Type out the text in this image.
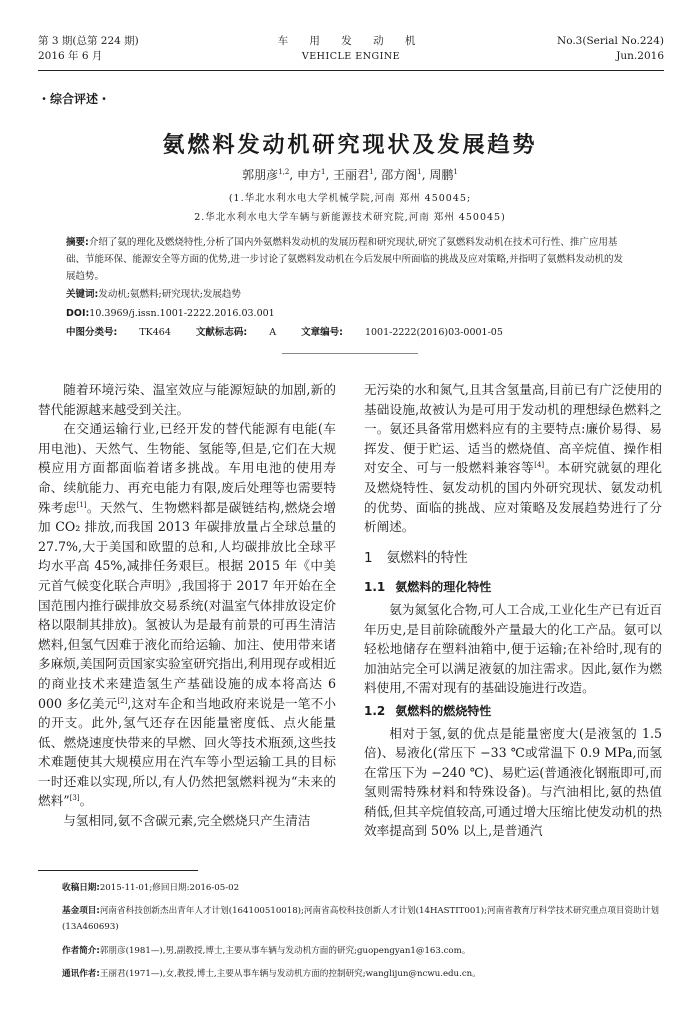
第 3 期(总第 224 期)
2016 年 6 月
车 用 发 动 机
VEHICLE ENGINE
No.3(Serial No.224)
Jun.2016
・综合评述・
氨燃料发动机研究现状及发展趋势
郭朋彦$^{1,2}$, 申方$^1$, 王丽君$^1$, 邵方阁$^1$, 周鹏$^1$
(1.华北水利水电大学机械学院,河南 郑州 450045;
2.华北水利水电大学车辆与新能源技术研究院,河南 郑州 450045)
摘要:介绍了氨的理化及燃烧特性,分析了国内外氨燃料发动机的发展历程和研究现状,研究了氨燃料发动机在技术可行性、推广应用基础、节能环保、能源安全等方面的优势,进一步讨论了氨燃料发动机在今后发展中所面临的挑战及应对策略,并指明了氨燃料发动机的发展趋势。
关键词:发动机;氨燃料;研究现状;发展趋势
DOI:10.3969/j.issn.1001-2222.2016.03.001
中图分类号: TK464	文献标志码: A	文章编号: 1001-2222(2016)03-0001-05

随着环境污染、温室效应与能源短缺的加剧,新的替代能源越来越受到关注。

在交通运输行业,已经开发的替代能源有电能(车用电池)、天然气、生物能、氢能等,但是,它们在大规模应用方面都面临着诸多挑战。车用电池的使用寿命、续航能力、再充电能力有限,废后处理等也需要特殊考虑[1]。天然气、生物燃料都是碳链结构,燃烧会增加 CO₂ 排放,而我国 2013 年碳排放量占全球总量的 27.7%,大于美国和欧盟的总和,人均碳排放比全球平均水平高 45%,减排任务艰巨。根据 2015 年《中美元首气候变化联合声明》,我国将于 2017 年开始在全国范围内推行碳排放交易系统(对温室气体排放设定价格以限制其排放)。氢被认为是最有前景的可再生清洁燃料,但氢气因难于液化而给运输、加注、使用带来诸多麻烦,美国阿贡国家实验室研究指出,利用现存或相近的商业技术来建造氢生产基础设施的成本将高达 6 000 多亿美元[2],这对车企和当地政府来说是一笔不小的开支。此外,氢气还存在因能量密度低、点火能量低、燃烧速度快带来的早燃、回火等技术瓶颈,这些技术难题使其大规模应用在汽车等小型运输工具的目标一时还难以实现,所以,有人仍然把氢燃料视为“未来的燃料”[3]。

与氢相同,氨不含碳元素,完全燃烧只产生清洁

无污染的水和氮气,且其含氢量高,目前已有广泛使用的基础设施,故被认为是可用于发动机的理想绿色燃料之一。氨还具备常用燃料应有的主要特点:廉价易得、易挥发、便于贮运、适当的燃烧值、高辛烷值、操作相对安全、可与一般燃料兼容等[4]。本研究就氨的理化及燃烧特性、氨发动机的国内外研究现状、氨发动机的优势、面临的挑战、应对策略及发展趋势进行了分析阐述。

1 氨燃料的特性
1.1 氨燃料的理化特性

氨为氮氢化合物,可人工合成,工业化生产已有近百年历史,是目前除硫酸外产量最大的化工产品。氨可以轻松地储存在塑料油箱中,便于运输;在补给时,现有的加油站完全可以满足液氨的加注需求。因此,氨作为燃料使用,不需对现有的基础设施进行改造。

1.2 氨燃料的燃烧特性

相对于氢,氨的优点是能量密度大(是液氢的 1.5 倍)、易液化(常压下 −33 ℃或常温下 0.9 MPa,而氢在常压下为 −240 ℃)、易贮运(普通液化钢瓶即可,而氢则需特殊材料和特殊设备)。与汽油相比,氨的热值稍低,但其辛烷值较高,可通过增大压缩比使发动机的热效率提高到 50% 以上,是普通汽

收稿日期:2015-11-01;修回日期:2016-05-02
基金项目:河南省科技创新杰出青年人才计划(164100510018);河南省高校科技创新人才计划(14HASTIT001);河南省教育厅科学技术研究重点项目资助计划(13A460693)
作者简介:郭朋彦(1981—),男,副教授,博士,主要从事车辆与发动机方面的研究;guopengyan1@163.com。
通讯作者:王丽君(1971—),女,教授,博士,主要从事车辆与发动机方面的控制研究;wanglijun@ncwu.edu.cn。
